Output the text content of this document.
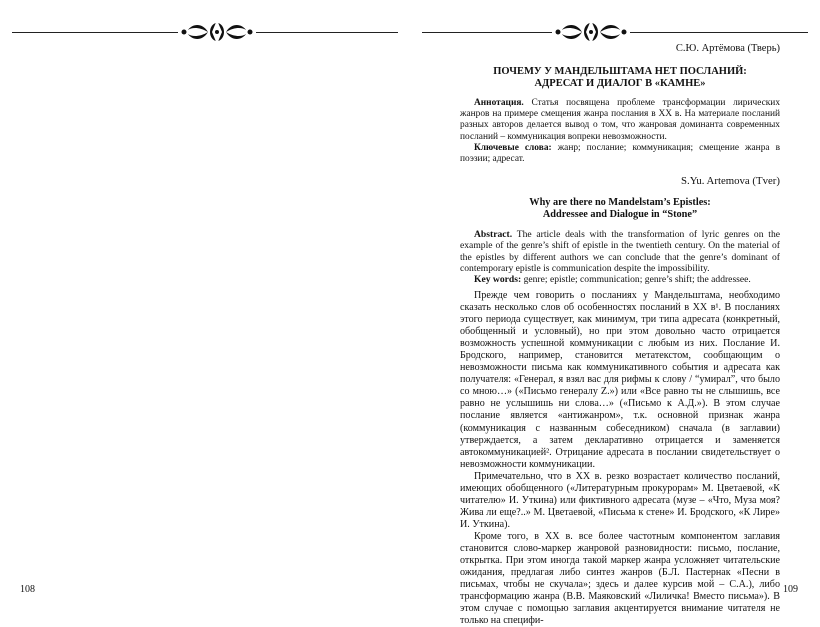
108
С.Ю. Артёмова (Тверь)
ПОЧЕМУ У МАНДЕЛЬШТАМА НЕТ ПОСЛАНИЙ:
АДРЕСАТ И ДИАЛОГ В «КАМНЕ»

Аннотация. Статья посвящена проблеме трансформации лирических жанров на примере смещения жанра послания в XX в. На материале посланий разных авторов делается вывод о том, что жанровая доминанта современных посланий – коммуникация вопреки невозможности.

Ключевые слова: жанр; послание; коммуникация; смещение жанра в поэзии; адресат.

S.Yu. Artemova (Tver)
Why are there no Mandelstam’s Epistles:
Addressee and Dialogue in “Stone”

Abstract. The article deals with the transformation of lyric genres on the example of the genre’s shift of epistle in the twentieth century. On the material of the epistles by different authors we can conclude that the genre’s dominant of contemporary epistle is communication despite the impossibility.

Key words: genre; epistle; communication; genre’s shift; the addressee.

Прежде чем говорить о посланиях у Мандельштама, необходимо сказать несколько слов об особенностях посланий в XX в¹. В посланиях этого периода существует, как минимум, три типа адресата (конкретный, обобщенный и условный), но при этом довольно часто отрицается возможность успешной коммуникации с любым из них. Послание И. Бродского, например, становится метатекстом, сообщающим о невозможности письма как коммуникативного события и адресата как получателя: «Генерал, я взял вас для рифмы к слову / “умирал”, что было со мною…» («Письмо генералу Z.») или «Все равно ты не слышишь, все равно не услышишь ни слова…» («Письмо к А.Д.»). В этом случае послание является «антижанром», т.к. основной признак жанра (коммуникация с названным собеседником) сначала (в заглавии) утверждается, а затем декларативно отрицается и заменяется автокоммуникацией². Отрицание адресата в послании свидетельствует о невозможности коммуникации.

Примечательно, что в XX в. резко возрастает количество посланий, имеющих обобщенного («Литературным прокурорам» М. Цветаевой, «К читателю» И. Уткина) или фиктивного адресата (музе – «Что, Муза моя? Жива ли еще?..» М. Цветаевой, «Письма к стене» И. Бродского, «К Лире» И. Уткина).

Кроме того, в XX в. все более частотным компонентом заглавия становится слово-маркер жанровой разновидности: письмо, послание, открытка. При этом иногда такой маркер жанра усложняет читательские ожидания, предлагая либо синтез жанров (Б.Л. Пастернак «Песни в письмах, чтобы не скучала»; здесь и далее курсив мой – С.А.), либо трансформацию жанра (В.В. Маяковский «Лиличка! Вместо письма»). В этом случае с помощью заглавия акцентируется внимание читателя не только на специфи-

109
